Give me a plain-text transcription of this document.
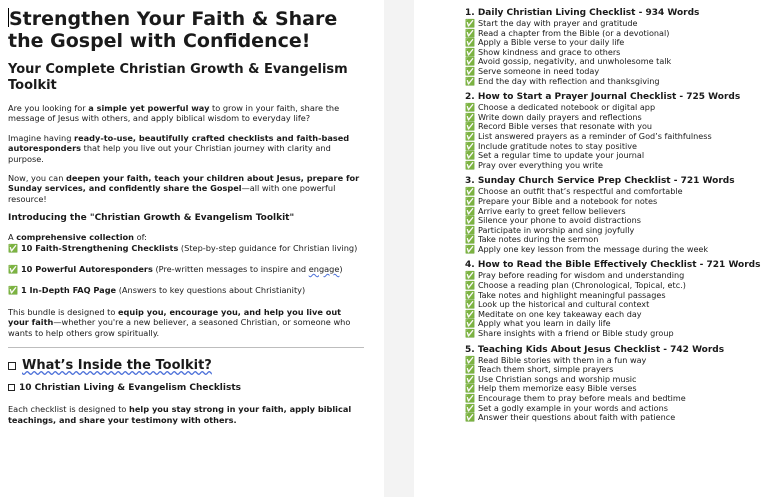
Strengthen Your Faith & Share the Gospel with Confidence!
Your Complete Christian Growth & Evangelism Toolkit

Are you looking for a simple yet powerful way to grow in your faith, share the message of Jesus with others, and apply biblical wisdom to everyday life?

Imagine having ready-to-use, beautifully crafted checklists and faith-based autoresponders that help you live out your Christian journey with clarity and purpose.

Now, you can deepen your faith, teach your children about Jesus, prepare for Sunday services, and confidently share the Gospel—all with one powerful resource!

Introducing the "Christian Growth & Evangelism Toolkit"
A comprehensive collection of:
✅ 10 Faith-Strengthening Checklists (Step-by-step guidance for Christian living)
✅ 10 Powerful Autoresponders (Pre-written messages to inspire and engage)
✅ 1 In-Depth FAQ Page (Answers to key questions about Christianity)

This bundle is designed to equip you, encourage you, and help you live out your faith—whether you're a new believer, a seasoned Christian, or someone who wants to help others grow spiritually.

What’s Inside the Toolkit?
10 Christian Living & Evangelism Checklists

Each checklist is designed to help you stay strong in your faith, apply biblical teachings, and share your testimony with others.

1. Daily Christian Living Checklist - 934 Words
✅ Start the day with prayer and gratitude
✅ Read a chapter from the Bible (or a devotional)
✅ Apply a Bible verse to your daily life
✅ Show kindness and grace to others
✅ Avoid gossip, negativity, and unwholesome talk
✅ Serve someone in need today
✅ End the day with reflection and thanksgiving
2. How to Start a Prayer Journal Checklist - 725 Words
✅ Choose a dedicated notebook or digital app
✅ Write down daily prayers and reflections
✅ Record Bible verses that resonate with you
✅ List answered prayers as a reminder of God’s faithfulness
✅ Include gratitude notes to stay positive
✅ Set a regular time to update your journal
✅ Pray over everything you write
3. Sunday Church Service Prep Checklist - 721 Words
✅ Choose an outfit that’s respectful and comfortable
✅ Prepare your Bible and a notebook for notes
✅ Arrive early to greet fellow believers
✅ Silence your phone to avoid distractions
✅ Participate in worship and sing joyfully
✅ Take notes during the sermon
✅ Apply one key lesson from the message during the week
4. How to Read the Bible Effectively Checklist - 721 Words
✅ Pray before reading for wisdom and understanding
✅ Choose a reading plan (Chronological, Topical, etc.)
✅ Take notes and highlight meaningful passages
✅ Look up the historical and cultural context
✅ Meditate on one key takeaway each day
✅ Apply what you learn in daily life
✅ Share insights with a friend or Bible study group
5. Teaching Kids About Jesus Checklist - 742 Words
✅ Read Bible stories with them in a fun way
✅ Teach them short, simple prayers
✅ Use Christian songs and worship music
✅ Help them memorize easy Bible verses
✅ Encourage them to pray before meals and bedtime
✅ Set a godly example in your words and actions
✅ Answer their questions about faith with patience
